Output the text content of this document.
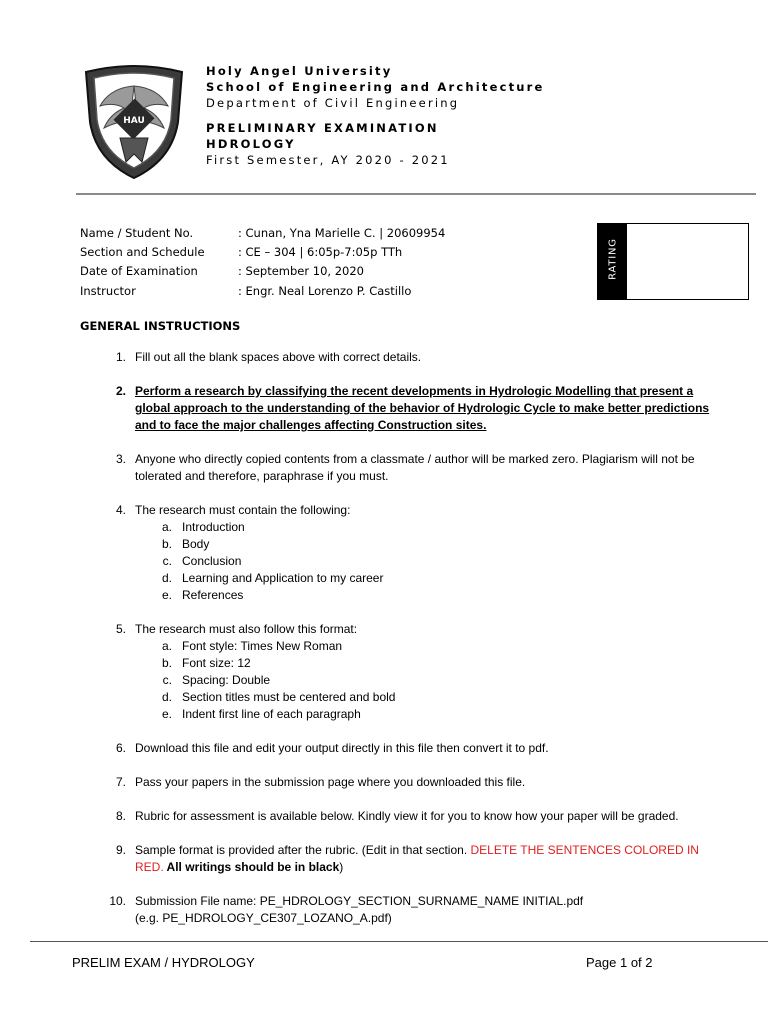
HAU
Holy Angel University
School of Engineering and Architecture
Department of Civil Engineering
PRELIMINARY EXAMINATION
HDROLOGY
First Semester, AY 2020 - 2021
Name / Student No.	: Cunan, Yna Marielle C. | 20609954
Section and Schedule	: CE – 304 | 6:05p-7:05p TTh
Date of Examination	: September 10, 2020
Instructor	: Engr. Neal Lorenzo P. Castillo
RATING
GENERAL INSTRUCTIONS
1. Fill out all the blank spaces above with correct details.
2. Perform a research by classifying the recent developments in Hydrologic Modelling that present a global approach to the understanding of the behavior of Hydrologic Cycle to make better predictions and to face the major challenges affecting Construction sites.
3. Anyone who directly copied contents from a classmate / author will be marked zero. Plagiarism will not be tolerated and therefore, paraphrase if you must.
4. The research must contain the following:
a. Introduction
b. Body
c. Conclusion
d. Learning and Application to my career
e. References
5. The research must also follow this format:
a. Font style: Times New Roman
b. Font size: 12
c. Spacing: Double
d. Section titles must be centered and bold
e. Indent first line of each paragraph
6. Download this file and edit your output directly in this file then convert it to pdf.
7. Pass your papers in the submission page where you downloaded this file.
8. Rubric for assessment is available below. Kindly view it for you to know how your paper will be graded.
9. Sample format is provided after the rubric. (Edit in that section. DELETE THE SENTENCES COLORED IN RED. All writings should be in black)
10. Submission File name: PE_HDROLOGY_SECTION_SURNAME_NAME INITIAL.pdf
(e.g. PE_HDROLOGY_CE307_LOZANO_A.pdf)
PRELIM EXAM / HYDROLOGY	Page 1 of 2
